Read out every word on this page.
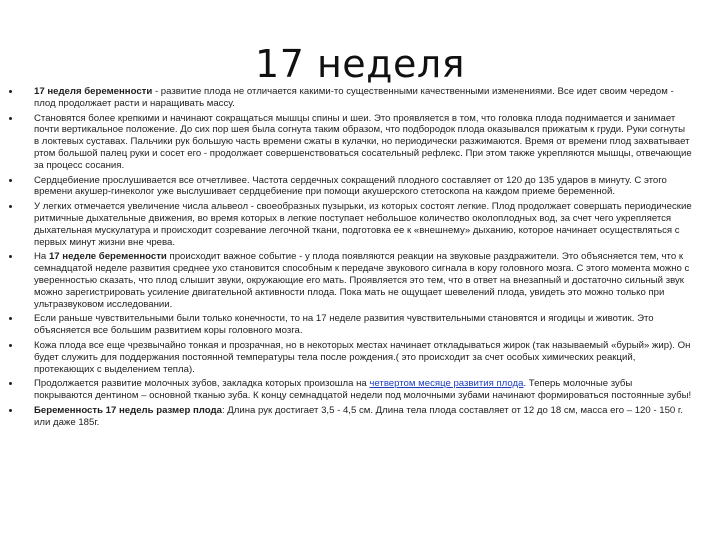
17 неделя
17 неделя беременности - развитие плода не отличается какими-то существенными качественными изменениями. Все идет своим чередом - плод продолжает расти и наращивать массу.
Становятся более крепкими и начинают сокращаться мышцы спины и шеи. Это проявляется в том, что головка плода поднимается и занимает почти вертикальное положение. До сих пор шея была согнута таким образом, что подбородок плода оказывался прижатым к груди. Руки согнуты в локтевых суставах. Пальчики рук большую часть времени сжаты в кулачки, но периодически разжимаются. Время от времени плод захватывает ртом большой палец руки и сосет его - продолжает совершенствоваться сосательный рефлекс. При этом также укрепляются мышцы, отвечающие за процесс сосания.
Сердцебиение прослушивается все отчетливее. Частота сердечных сокращений плодного составляет от 120 до 135 ударов в минуту. С этого времени акушер-гинеколог уже выслушивает сердцебиение при помощи акушерского стетоскопа на каждом приеме беременной.
У легких отмечается увеличение числа альвеол - своеобразных пузырьки, из которых состоят легкие. Плод продолжает совершать периодические ритмичные дыхательные движения, во время которых в легкие поступает небольшое количество околоплодных вод, за счет чего укрепляется дыхательная мускулатура и происходит созревание легочной ткани, подготовка ее к «внешнему» дыханию, которое начинает осуществляться с первых минут жизни вне чрева.
На 17 неделе беременности происходит важное событие - у плода появляются реакции на звуковые раздражители. Это объясняется тем, что к семнадцатой неделе развития среднее ухо становится способным к передаче звукового сигнала в кору головного мозга. С этого момента можно с уверенностью сказать, что плод слышит звуки, окружающие его мать. Проявляется это тем, что в ответ на внезапный и достаточно сильный звук можно зарегистрировать усиление двигательной активности плода. Пока мать не ощущает шевелений плода, увидеть это можно только при ультразвуковом исследовании.
Если раньше чувствительными были только конечности, то на 17 неделе развития чувствительными становятся и ягодицы и животик. Это объясняется все большим развитием коры головного мозга.
Кожа плода все еще чрезвычайно тонкая и прозрачная, но в некоторых местах начинает откладываться жирок (так называемый «бурый» жир). Он будет служить для поддержания постоянной температуры тела после рождения.( это происходит за счет особых химических реакций, протекающих с выделением тепла).
Продолжается развитие молочных зубов, закладка которых произошла на четвертом месяце развития плода. Теперь молочные зубы покрываются дентином – основной тканью зуба. К концу семнадцатой недели под молочными зубами начинают формироваться постоянные зубы!
Беременность 17 недель размер плода: Длина рук достигает 3,5 - 4,5 см. Длина тела плода составляет от 12 до 18 см, масса его – 120 - 150 г. или даже 185г.
